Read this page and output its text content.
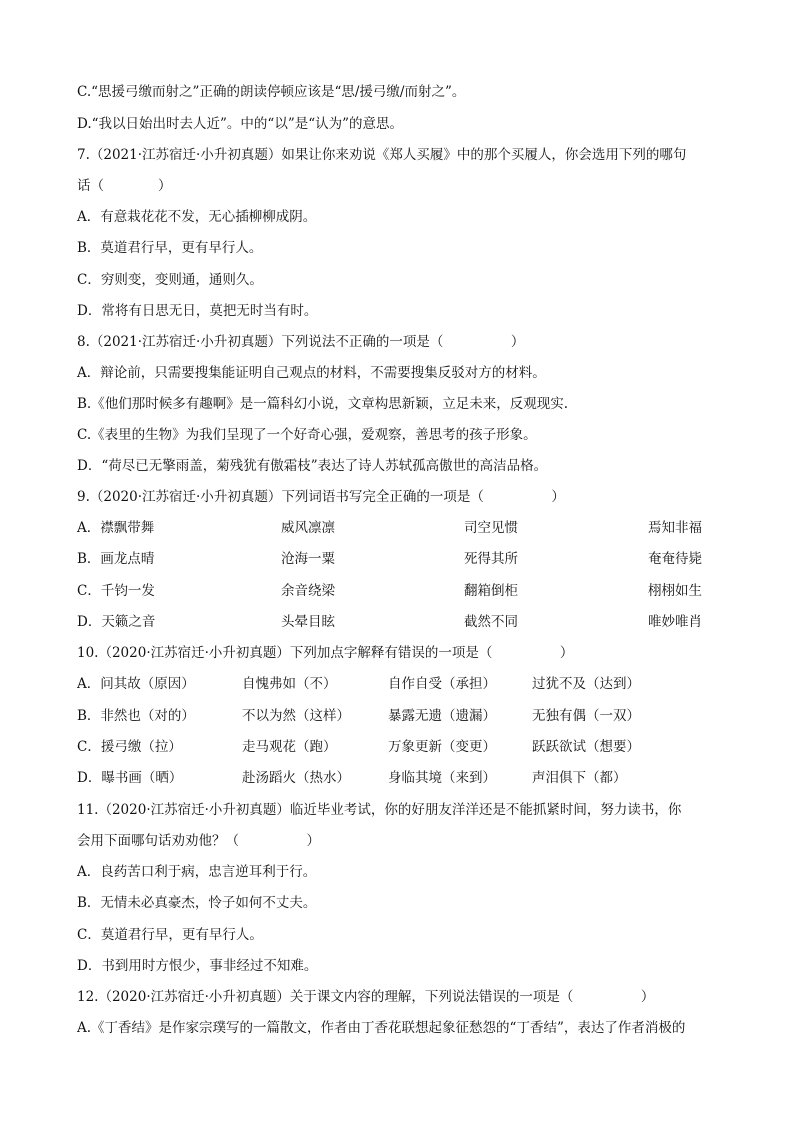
C.“思援弓缴而射之”正确的朗读停顿应该是“思/援弓缴/而射之”。
D.“我以日始出时去人近”。中的“以”是“认为”的意思。
7.（2021·江苏宿迁·小升初真题）如果让你来劝说《郑人买履》中的那个买履人，你会选用下列的哪句
话（　　　　）
A．有意栽花花不发，无心插柳柳成阴。
B．莫道君行早，更有早行人。
C．穷则变，变则通，通则久。
D．常将有日思无日，莫把无时当有时。
8.（2021·江苏宿迁·小升初真题）下列说法不正确的一项是（　　　　　）
A．辩论前，只需要搜集能证明自己观点的材料，不需要搜集反驳对方的材料。
B.《他们那时候多有趣啊》是一篇科幻小说，文章构思新颖，立足未来，反观现实.
C.《表里的生物》为我们呈现了一个好奇心强，爱观察，善思考的孩子形象。
D．“荷尽已无擎雨盖，菊残犹有傲霜枝”表达了诗人苏轼孤高傲世的高洁品格。
9.（2020·江苏宿迁·小升初真题）下列词语书写完全正确的一项是（　　　　　）
A．襟飘带舞	威风凛凛	司空见惯	焉知非福
B．画龙点晴	沧海一粟	死得其所	奄奄待毙
C．千钧一发	余音绕梁	翻箱倒柜	栩栩如生
D．天籁之音	头晕目眩	截然不同	唯妙唯肖
10.（2020·江苏宿迁·小升初真题）下列加点字解释有错误的一项是（　　　　　）
A．问其故（原因）	自愧弗如（不）	自作自受（承担）	过犹不及（达到）
B．非然也（对的）	不以为然（这样）	暴露无遗（遗漏）	无独有偶（一双）
C．援弓缴（拉）	走马观花（跑）	万象更新（变更）	跃跃欲试（想要）
D．曝书画（晒）	赴汤蹈火（热水）	身临其境（来到）	声泪俱下（都）
11.（2020·江苏宿迁·小升初真题）临近毕业考试，你的好朋友洋洋还是不能抓紧时间，努力读书，你
会用下面哪句话劝劝他？（　　　　　）
A．良药苦口利于病，忠言逆耳利于行。
B．无情未必真豪杰，怜子如何不丈夫。
C．莫道君行早，更有早行人。
D．书到用时方恨少，事非经过不知难。
12.（2020·江苏宿迁·小升初真题）关于课文内容的理解，下列说法错误的一项是（　　　　　）
A.《丁香结》是作家宗璞写的一篇散文，作者由丁香花联想起象征愁怨的“丁香结”，表达了作者消极的
